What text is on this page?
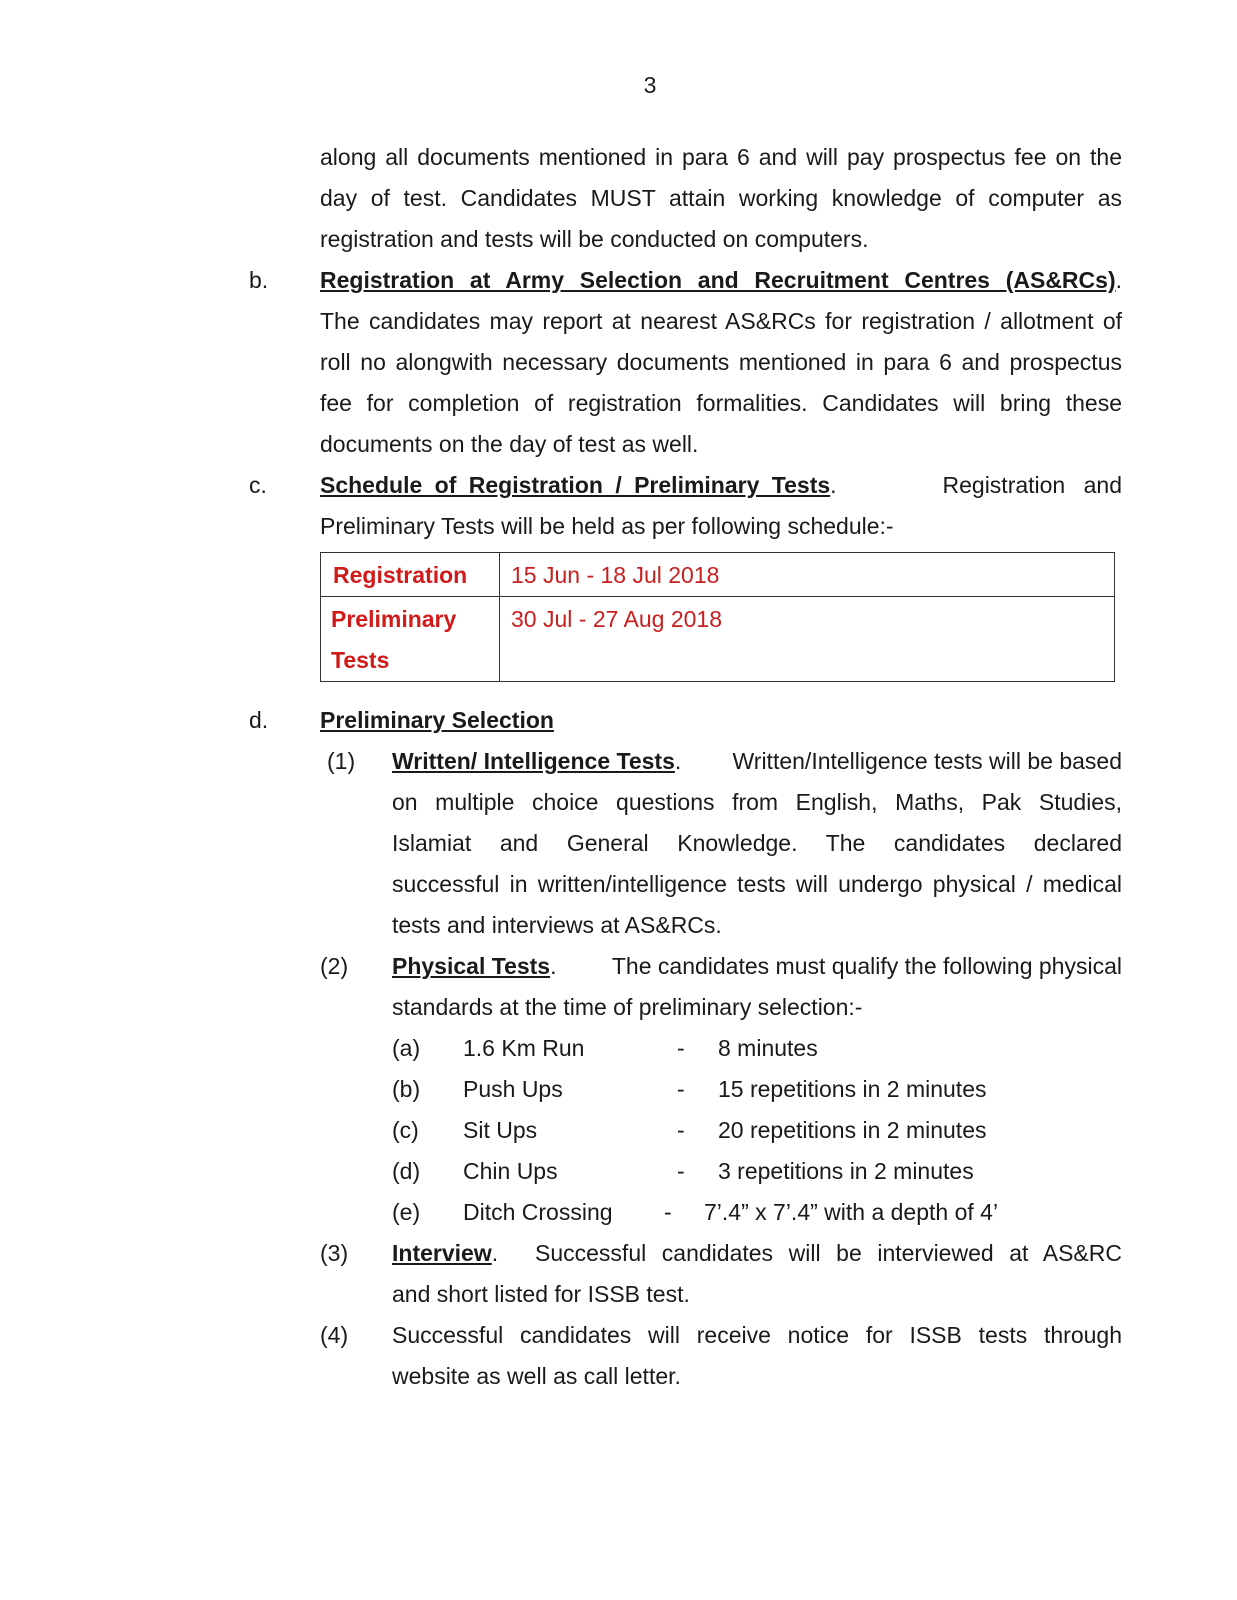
3
along all documents mentioned in para 6 and will pay prospectus fee on the
day of test. Candidates MUST attain working knowledge of computer as
registration and tests will be conducted on computers.
b. Registration at Army Selection and Recruitment Centres (AS&RCs).
The candidates may report at nearest AS&RCs for registration / allotment of
roll no alongwith necessary documents mentioned in para 6 and prospectus
fee for completion of registration formalities. Candidates will bring these
documents on the day of test as well.
c. Schedule of Registration / Preliminary Tests.	Registration and
Preliminary Tests will be held as per following schedule:-
Registration	15 Jun - 18 Jul 2018

Preliminary Tests	30 Jul - 27 Aug 2018
d. Preliminary Selection
(1) Written/ Intelligence Tests.	Written/Intelligence tests will be based
on multiple choice questions from English, Maths, Pak Studies,
Islamiat and General Knowledge. The candidates declared
successful in written/intelligence tests will undergo physical / medical
tests and interviews at AS&RCs.
(2) Physical Tests.	The candidates must qualify the following physical
standards at the time of preliminary selection:-
(a) 1.6 Km Run	- 8 minutes
(b) Push Ups	- 15 repetitions in 2 minutes
(c) Sit Ups	- 20 repetitions in 2 minutes
(d) Chin Ups	- 3 repetitions in 2 minutes
(e) Ditch Crossing - 7’.4” x 7’.4” with a depth of 4’
(3) Interview. Successful candidates will be interviewed at AS&RC
and short listed for ISSB test.
(4) Successful candidates will receive notice for ISSB tests through
website as well as call letter.
